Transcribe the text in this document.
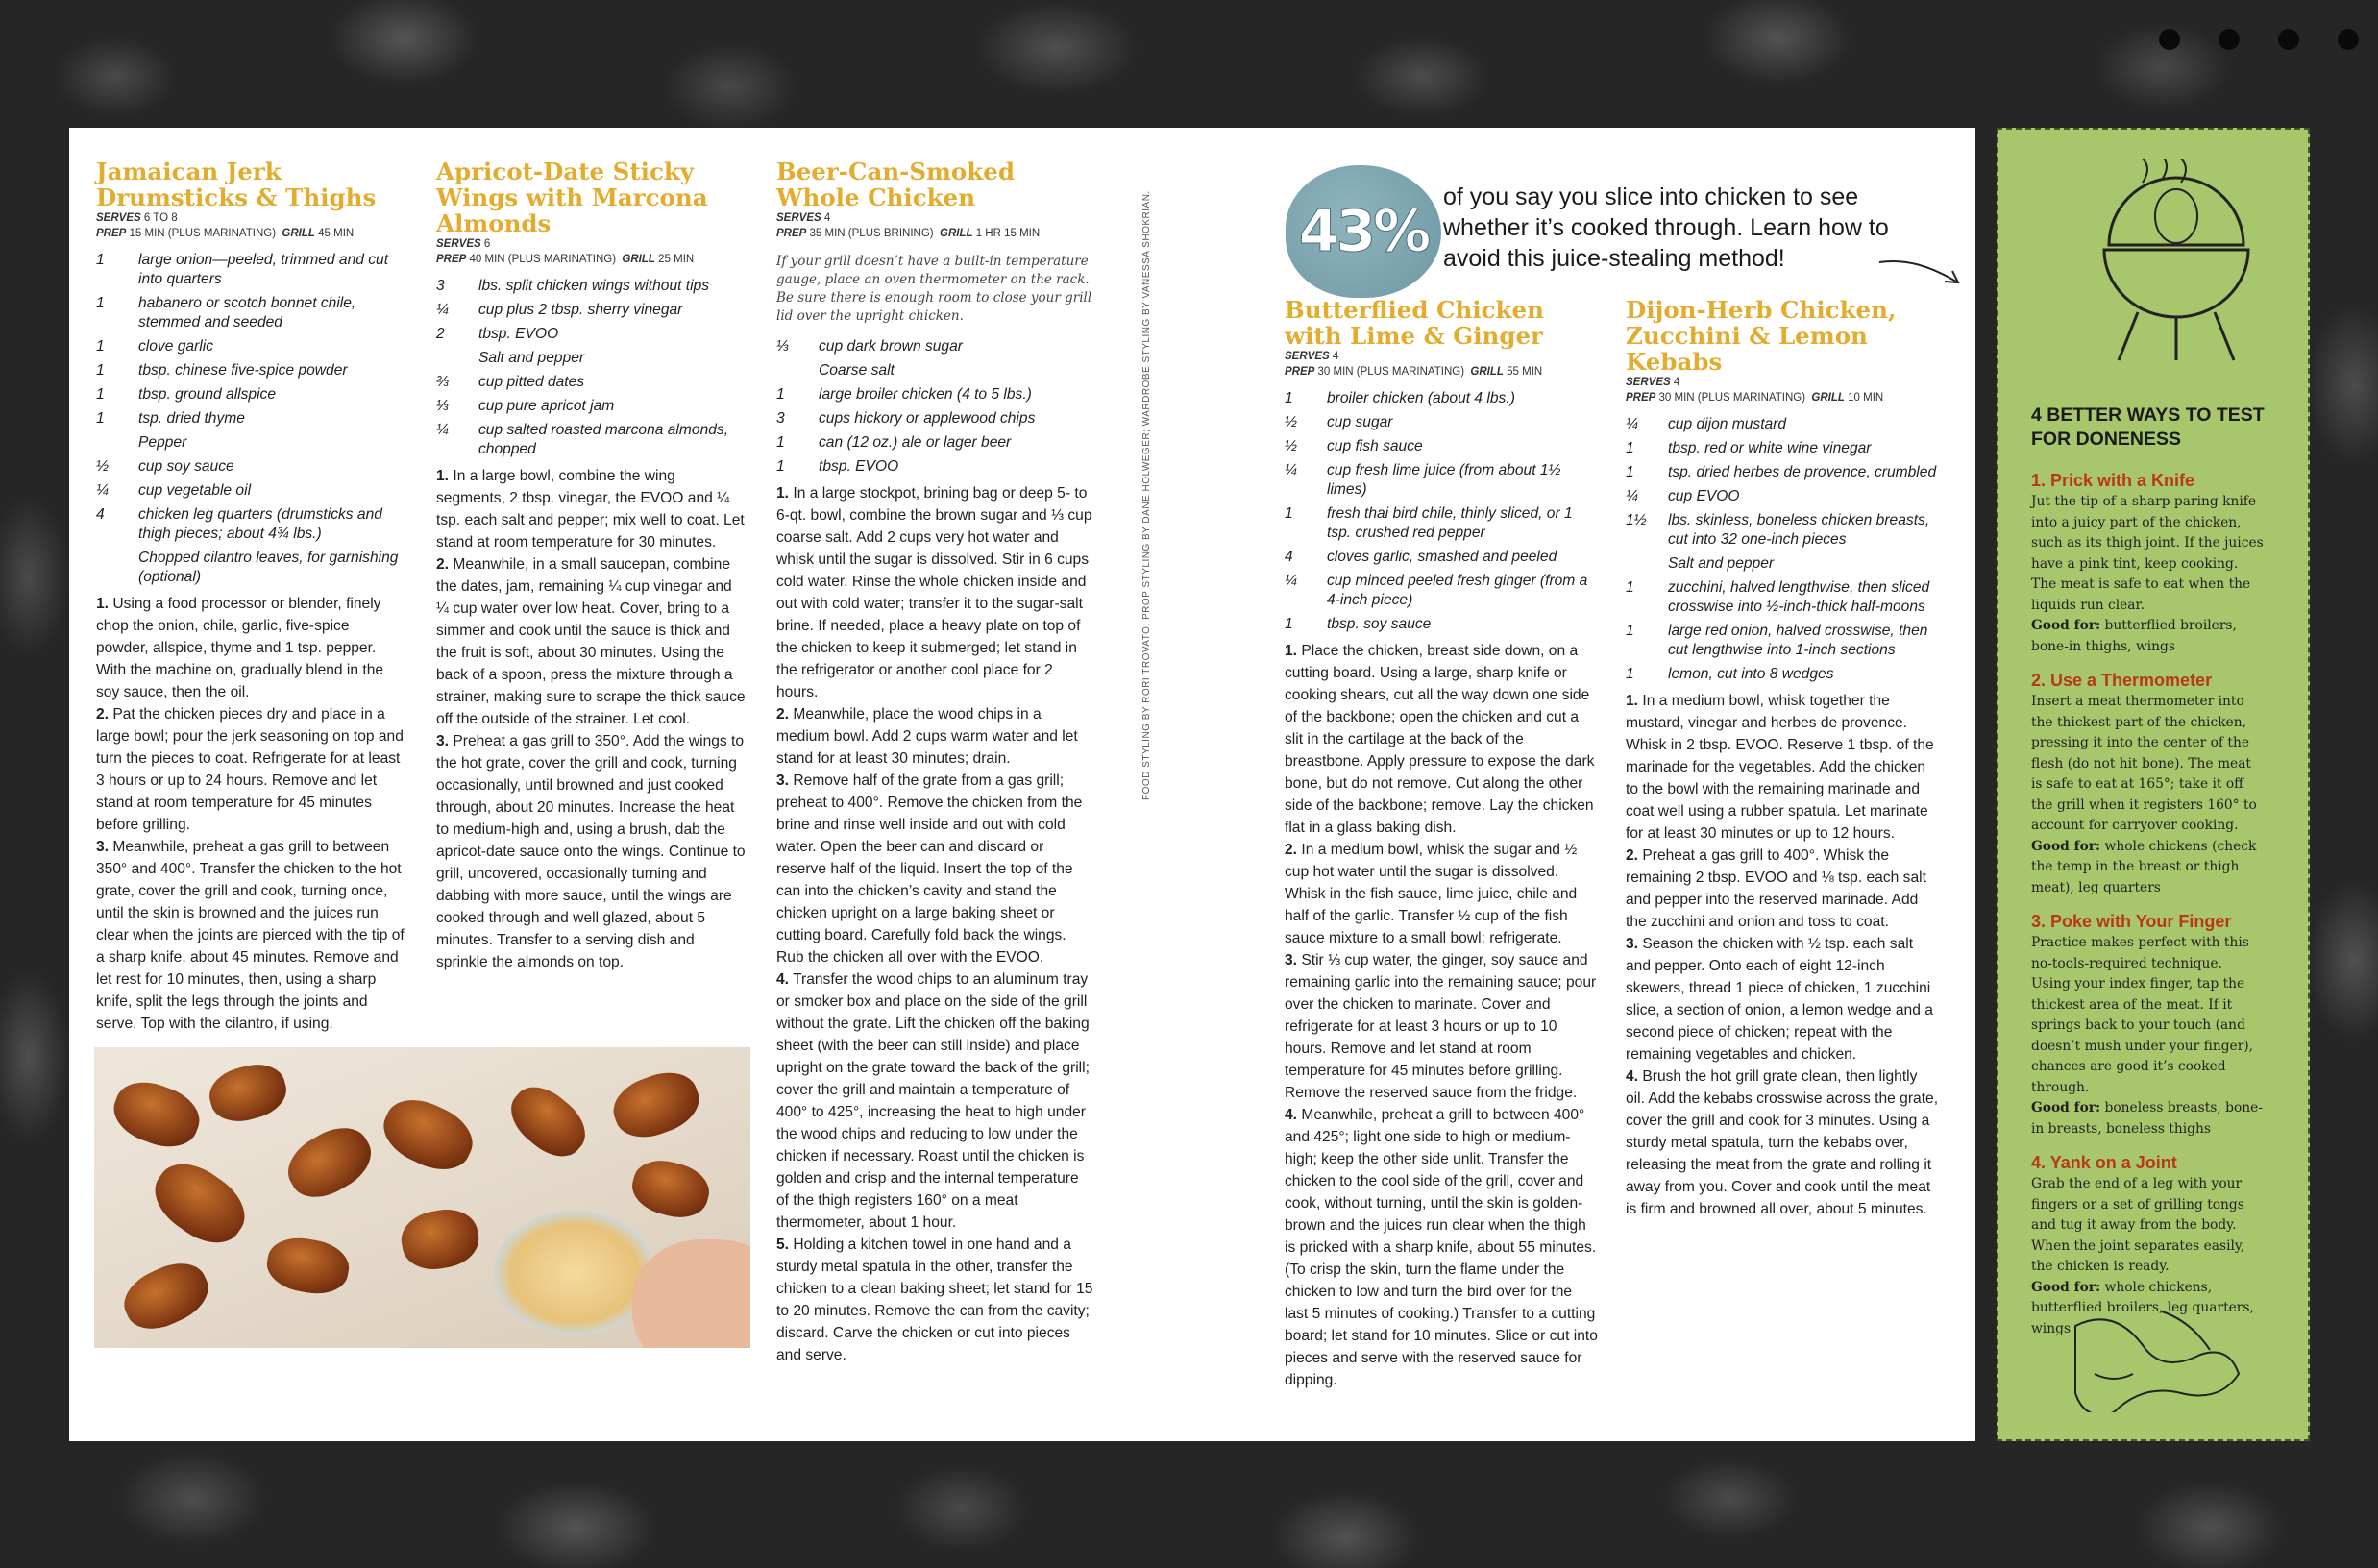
Jamaican Jerk Drumsticks & Thighs
SERVES 6 TO 8
PREP 15 MIN (PLUS MARINATING) GRILL 45 MIN
1	large onion—peeled, trimmed and cut into quarters
1	habanero or scotch bonnet chile, stemmed and seeded
1	clove garlic
1	tbsp. chinese five-spice powder
1	tbsp. ground allspice
1	tsp. dried thyme
Pepper
½	cup soy sauce
¼	cup vegetable oil
4	chicken leg quarters (drumsticks and thigh pieces; about 4¾ lbs.)
Chopped cilantro leaves, for garnishing (optional)

1. Using a food processor or blender, finely chop the onion, chile, garlic, five-spice powder, allspice, thyme and 1 tsp. pepper. With the machine on, gradually blend in the soy sauce, then the oil.

2. Pat the chicken pieces dry and place in a large bowl; pour the jerk seasoning on top and turn the pieces to coat. Refrigerate for at least 3 hours or up to 24 hours. Remove and let stand at room temperature for 45 minutes before grilling.

3. Meanwhile, preheat a gas grill to between 350° and 400°. Transfer the chicken to the hot grate, cover the grill and cook, turning once, until the skin is browned and the juices run clear when the joints are pierced with the tip of a sharp knife, about 45 minutes. Remove and let rest for 10 minutes, then, using a sharp knife, split the legs through the joints and serve. Top with the cilantro, if using.

Apricot-Date Sticky Wings with Marcona Almonds
SERVES 6
PREP 40 MIN (PLUS MARINATING) GRILL 25 MIN
3	lbs. split chicken wings without tips
¼	cup plus 2 tbsp. sherry vinegar
2	tbsp. EVOO
Salt and pepper
⅔	cup pitted dates
⅓	cup pure apricot jam
¼	cup salted roasted marcona almonds, chopped

1. In a large bowl, combine the wing segments, 2 tbsp. vinegar, the EVOO and ¼ tsp. each salt and pepper; mix well to coat. Let stand at room temperature for 30 minutes.

2. Meanwhile, in a small saucepan, combine the dates, jam, remaining ¼ cup vinegar and ¼ cup water over low heat. Cover, bring to a simmer and cook until the sauce is thick and the fruit is soft, about 30 minutes. Using the back of a spoon, press the mixture through a strainer, making sure to scrape the thick sauce off the outside of the strainer. Let cool.

3. Preheat a gas grill to 350°. Add the wings to the hot grate, cover the grill and cook, turning occasionally, until browned and just cooked through, about 20 minutes. Increase the heat to medium-high and, using a brush, dab the apricot-date sauce onto the wings. Continue to grill, uncovered, occasionally turning and dabbing with more sauce, until the wings are cooked through and well glazed, about 5 minutes. Transfer to a serving dish and sprinkle the almonds on top.

Beer-Can-Smoked Whole Chicken
SERVES 4
PREP 35 MIN (PLUS BRINING) GRILL 1 HR 15 MIN

If your grill doesn’t have a built-in temperature gauge, place an oven thermometer on the rack. Be sure there is enough room to close your grill lid over the upright chicken.

⅓	cup dark brown sugar
Coarse salt
1	large broiler chicken (4 to 5 lbs.)
3	cups hickory or applewood chips
1	can (12 oz.) ale or lager beer
1	tbsp. EVOO

1. In a large stockpot, brining bag or deep 5- to 6-qt. bowl, combine the brown sugar and ⅓ cup coarse salt. Add 2 cups very hot water and whisk until the sugar is dissolved. Stir in 6 cups cold water. Rinse the whole chicken inside and out with cold water; transfer it to the sugar-salt brine. If needed, place a heavy plate on top of the chicken to keep it submerged; let stand in the refrigerator or another cool place for 2 hours.

2. Meanwhile, place the wood chips in a medium bowl. Add 2 cups warm water and let stand for at least 30 minutes; drain.

3. Remove half of the grate from a gas grill; preheat to 400°. Remove the chicken from the brine and rinse well inside and out with cold water. Open the beer can and discard or reserve half of the liquid. Insert the top of the can into the chicken’s cavity and stand the chicken upright on a large baking sheet or cutting board. Carefully fold back the wings. Rub the chicken all over with the EVOO.

4. Transfer the wood chips to an aluminum tray or smoker box and place on the side of the grill without the grate. Lift the chicken off the baking sheet (with the beer can still inside) and place upright on the grate toward the back of the grill; cover the grill and maintain a temperature of 400° to 425°, increasing the heat to high under the wood chips and reducing to low under the chicken if necessary. Roast until the chicken is golden and crisp and the internal temperature of the thigh registers 160° on a meat thermometer, about 1 hour.

5. Holding a kitchen towel in one hand and a sturdy metal spatula in the other, transfer the chicken to a clean baking sheet; let stand for 15 to 20 minutes. Remove the can from the cavity; discard. Carve the chicken or cut into pieces and serve.

FOOD STYLING BY RORI TROVATO; PROP STYLING BY DANE HOLWEGER; WARDROBE STYLING BY VANESSA SHOKRIAN.	43%
of you say you slice into chicken to see whether it’s cooked through. Learn how to avoid this juice-stealing method!
Butterflied Chicken with Lime & Ginger
SERVES 4
PREP 30 MIN (PLUS MARINATING) GRILL 55 MIN
1	broiler chicken (about 4 lbs.)
½	cup sugar
½	cup fish sauce
¼	cup fresh lime juice (from about 1½ limes)
1	fresh thai bird chile, thinly sliced, or 1 tsp. crushed red pepper
4	cloves garlic, smashed and peeled
¼	cup minced peeled fresh ginger (from a 4-inch piece)
1	tbsp. soy sauce

1. Place the chicken, breast side down, on a cutting board. Using a large, sharp knife or cooking shears, cut all the way down one side of the backbone; open the chicken and cut a slit in the cartilage at the back of the breastbone. Apply pressure to expose the dark bone, but do not remove. Cut along the other side of the backbone; remove. Lay the chicken flat in a glass baking dish.

2. In a medium bowl, whisk the sugar and ½ cup hot water until the sugar is dissolved. Whisk in the fish sauce, lime juice, chile and half of the garlic. Transfer ½ cup of the fish sauce mixture to a small bowl; refrigerate.

3. Stir ⅓ cup water, the ginger, soy sauce and remaining garlic into the remaining sauce; pour over the chicken to marinate. Cover and refrigerate for at least 3 hours or up to 10 hours. Remove and let stand at room temperature for 45 minutes before grilling. Remove the reserved sauce from the fridge.

4. Meanwhile, preheat a grill to between 400° and 425°; light one side to high or medium-high; keep the other side unlit. Transfer the chicken to the cool side of the grill, cover and cook, without turning, until the skin is golden-brown and the juices run clear when the thigh is pricked with a sharp knife, about 55 minutes. (To crisp the skin, turn the flame under the chicken to low and turn the bird over for the last 5 minutes of cooking.) Transfer to a cutting board; let stand for 10 minutes. Slice or cut into pieces and serve with the reserved sauce for dipping.

Dijon-Herb Chicken, Zucchini & Lemon Kebabs
SERVES 4
PREP 30 MIN (PLUS MARINATING) GRILL 10 MIN
¼	cup dijon mustard
1	tbsp. red or white wine vinegar
1	tsp. dried herbes de provence, crumbled
¼	cup EVOO
1½	lbs. skinless, boneless chicken breasts, cut into 32 one-inch pieces
Salt and pepper
1	zucchini, halved lengthwise, then sliced crosswise into ½-inch-thick half-moons
1	large red onion, halved crosswise, then cut lengthwise into 1-inch sections
1	lemon, cut into 8 wedges

1. In a medium bowl, whisk together the mustard, vinegar and herbes de provence. Whisk in 2 tbsp. EVOO. Reserve 1 tbsp. of the marinade for the vegetables. Add the chicken to the bowl with the remaining marinade and coat well using a rubber spatula. Let marinate for at least 30 minutes or up to 12 hours.

2. Preheat a gas grill to 400°. Whisk the remaining 2 tbsp. EVOO and ⅛ tsp. each salt and pepper into the reserved marinade. Add the zucchini and onion and toss to coat.

3. Season the chicken with ½ tsp. each salt and pepper. Onto each of eight 12-inch skewers, thread 1 piece of chicken, 1 zucchini slice, a section of onion, a lemon wedge and a second piece of chicken; repeat with the remaining vegetables and chicken.

4. Brush the hot grill grate clean, then lightly oil. Add the kebabs crosswise across the grate, cover the grill and cook for 3 minutes. Using a sturdy metal spatula, turn the kebabs over, releasing the meat from the grate and rolling it away from you. Cover and cook until the meat is firm and browned all over, about 5 minutes.

4 BETTER WAYS TO TEST FOR DONENESS
1. Prick with a Knife

Jut the tip of a sharp paring knife into a juicy part of the chicken, such as its thigh joint. If the juices have a pink tint, keep cooking. The meat is safe to eat when the liquids run clear.
Good for: butterflied broilers, bone-in thighs, wings

2. Use a Thermometer

Insert a meat thermometer into the thickest part of the chicken, pressing it into the center of the flesh (do not hit bone). The meat is safe to eat at 165°; take it off the grill when it registers 160° to account for carryover cooking.
Good for: whole chickens (check the temp in the breast or thigh meat), leg quarters

3. Poke with Your Finger

Practice makes perfect with this no-tools-required technique. Using your index finger, tap the thickest area of the meat. If it springs back to your touch (and doesn’t mush under your finger), chances are good it’s cooked through.
Good for: boneless breasts, bone-in breasts, boneless thighs

4. Yank on a Joint

Grab the end of a leg with your fingers or a set of grilling tongs and tug it away from the body. When the joint separates easily, the chicken is ready.
Good for: whole chickens, butterflied broilers, leg quarters, wings
